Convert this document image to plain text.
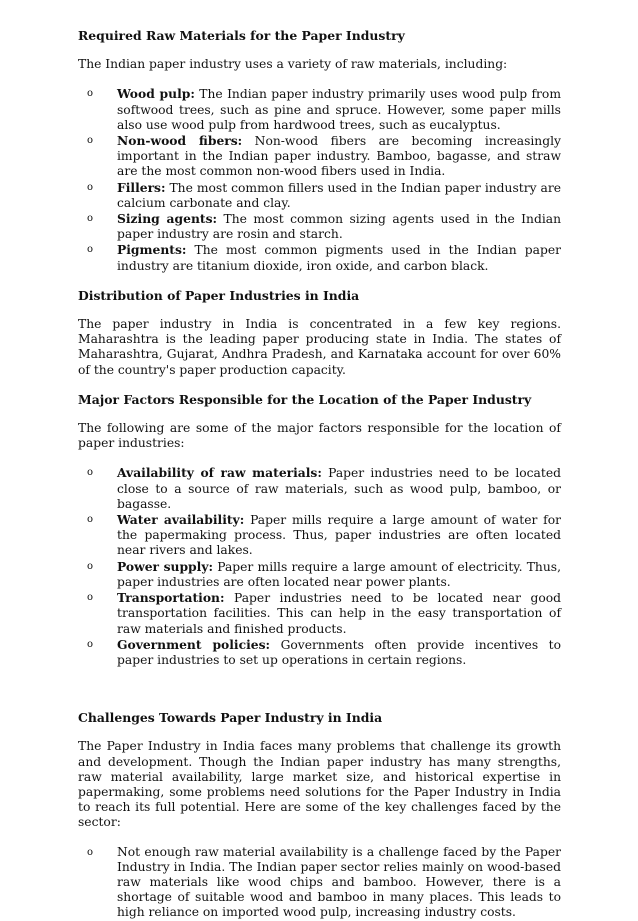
Required Raw Materials for the Paper Industry

The Indian paper industry uses a variety of raw materials, including:

o Wood pulp: The Indian paper industry primarily uses wood pulp from softwood trees, such as pine and spruce. However, some paper mills also use wood pulp from hardwood trees, such as eucalyptus.
o Non-wood fibers: Non-wood fibers are becoming increasingly important in the Indian paper industry. Bamboo, bagasse, and straw are the most common non-wood fibers used in India.
o Fillers: The most common fillers used in the Indian paper industry are calcium carbonate and clay.
o Sizing agents: The most common sizing agents used in the Indian paper industry are rosin and starch.
o Pigments: The most common pigments used in the Indian paper industry are titanium dioxide, iron oxide, and carbon black.
Distribution of Paper Industries in India

The paper industry in India is concentrated in a few key regions. Maharashtra is the leading paper producing state in India. The states of Maharashtra, Gujarat, Andhra Pradesh, and Karnataka account for over 60% of the country's paper production capacity.

Major Factors Responsible for the Location of the Paper Industry

The following are some of the major factors responsible for the location of paper industries:

o Availability of raw materials: Paper industries need to be located close to a source of raw materials, such as wood pulp, bamboo, or bagasse.
o Water availability: Paper mills require a large amount of water for the papermaking process. Thus, paper industries are often located near rivers and lakes.
o Power supply: Paper mills require a large amount of electricity. Thus, paper industries are often located near power plants.
o Transportation: Paper industries need to be located near good transportation facilities. This can help in the easy transportation of raw materials and finished products.
o Government policies: Governments often provide incentives to paper industries to set up operations in certain regions.
Challenges Towards Paper Industry in India

The Paper Industry in India faces many problems that challenge its growth and development. Though the Indian paper industry has many strengths, raw material availability, large market size, and historical expertise in papermaking, some problems need solutions for the Paper Industry in India to reach its full potential. Here are some of the key challenges faced by the sector:

o Not enough raw material availability is a challenge faced by the Paper Industry in India. The Indian paper sector relies mainly on wood-based raw materials like wood chips and bamboo. However, there is a shortage of suitable wood and bamboo in many places. This leads to high reliance on imported wood pulp, increasing industry costs.
